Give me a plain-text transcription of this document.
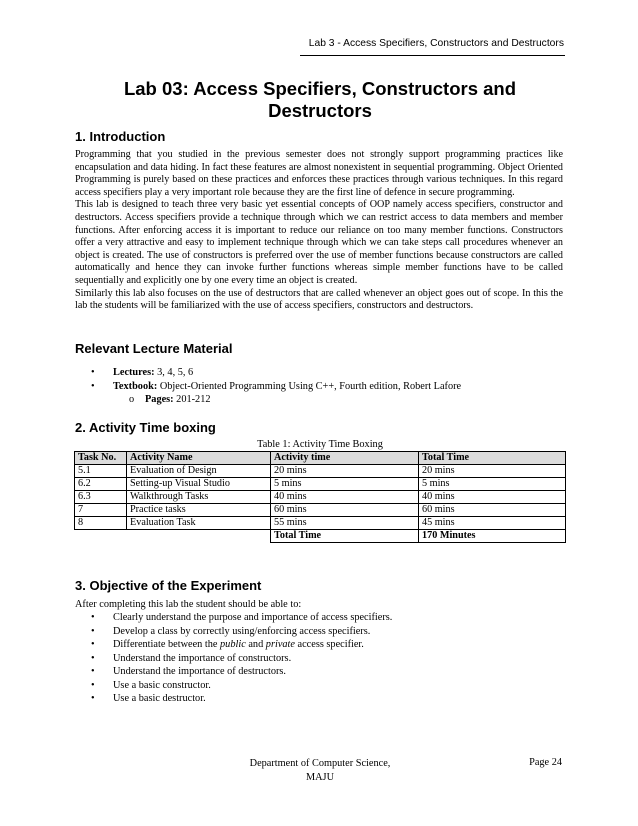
Lab 3 - Access Specifiers, Constructors and Destructors
Lab 03: Access Specifiers, Constructors and Destructors
1. Introduction
Programming that you studied in the previous semester does not strongly support programming practices like encapsulation and data hiding. In fact these features are almost nonexistent in sequential programming. Object Oriented Programming is purely based on these practices and enforces these practices through various techniques. In this regard access specifiers play a very important role because they are the first line of defence in secure programming.
This lab is designed to teach three very basic yet essential concepts of OOP namely access specifiers, constructor and destructors. Access specifiers provide a technique through which we can restrict access to data members and member functions. After enforcing access it is important to reduce our reliance on too many member functions. Constructors offer a very attractive and easy to implement technique through which we can take steps call procedures whenever an object is created. The use of constructors is preferred over the use of member functions because constructors are called automatically and hence they can invoke further functions whereas simple member functions have to be called sequentially and explicitly one by one every time an object is created.
Similarly this lab also focuses on the use of destructors that are called whenever an object goes out of scope. In this the lab the students will be familiarized with the use of access specifiers, constructors and destructors.
Relevant Lecture Material
• Lectures: 3, 4, 5, 6
• Textbook: Object-Oriented Programming Using C++, Fourth edition, Robert Lafore
o Pages: 201-212
2. Activity Time boxing
Table 1: Activity Time Boxing
Task No.	Activity Name	Activity time	Total Time
5.1	Evaluation of Design	20 mins	20 mins
6.2	Setting-up Visual Studio	5 mins	5 mins
6.3	Walkthrough Tasks	40 mins	40 mins
7	Practice tasks	60 mins	60 mins
8	Evaluation Task	55 mins	45 mins
		Total Time	170 Minutes
3. Objective of the Experiment
After completing this lab the student should be able to:
• Clearly understand the purpose and importance of access specifiers.
• Develop a class by correctly using/enforcing access specifiers.
• Differentiate between the public and private access specifier.
• Understand the importance of constructors.
• Understand the importance of destructors.
• Use a basic constructor.
• Use a basic destructor.
Department of Computer Science,
MAJU
Page 24
